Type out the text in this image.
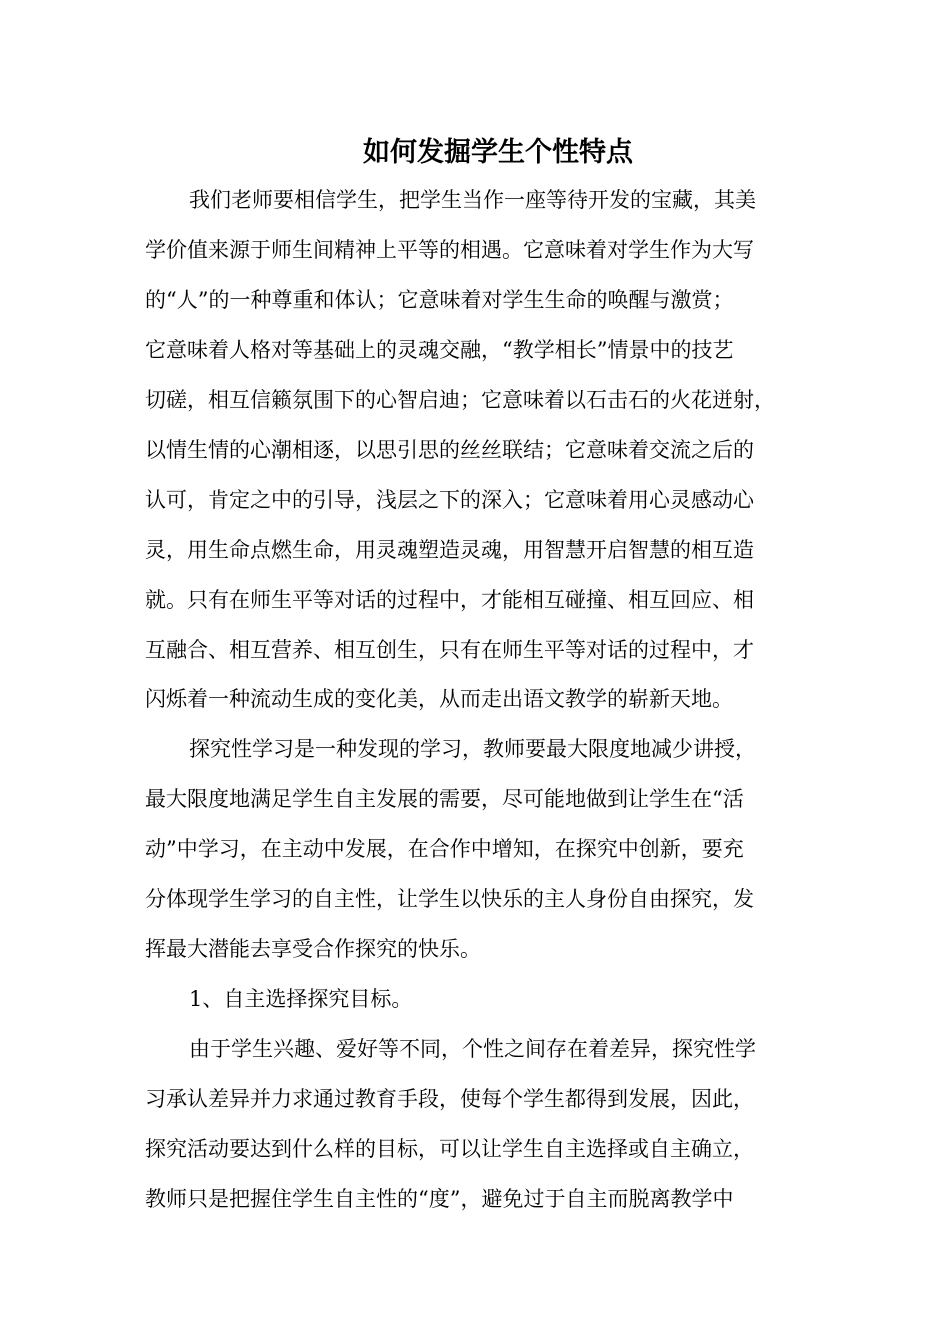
如何发掘学生个性特点
我们老师要相信学生，把学生当作一座等待开发的宝藏，其美
学价值来源于师生间精神上平等的相遇。它意味着对学生作为大写
的“人”的一种尊重和体认；它意味着对学生生命的唤醒与激赏；
它意味着人格对等基础上的灵魂交融，“教学相长”情景中的技艺
切磋，相互信籁氛围下的心智启迪；它意味着以石击石的火花迸射，
以情生情的心潮相逐，以思引思的丝丝联结；它意味着交流之后的
认可，肯定之中的引导，浅层之下的深入；它意味着用心灵感动心
灵，用生命点燃生命，用灵魂塑造灵魂，用智慧开启智慧的相互造
就。只有在师生平等对话的过程中，才能相互碰撞、相互回应、相
互融合、相互营养、相互创生，只有在师生平等对话的过程中，才
闪烁着一种流动生成的变化美，从而走出语文教学的崭新天地。
探究性学习是一种发现的学习，教师要最大限度地减少讲授，
最大限度地满足学生自主发展的需要，尽可能地做到让学生在“活
动”中学习，在主动中发展，在合作中增知，在探究中创新，要充
分体现学生学习的自主性，让学生以快乐的主人身份自由探究，发
挥最大潜能去享受合作探究的快乐。
1、自主选择探究目标。
由于学生兴趣、爱好等不同，个性之间存在着差异，探究性学
习承认差异并力求通过教育手段，使每个学生都得到发展，因此，
探究活动要达到什么样的目标，可以让学生自主选择或自主确立，
教师只是把握住学生自主性的“度”，避免过于自主而脱离教学中
